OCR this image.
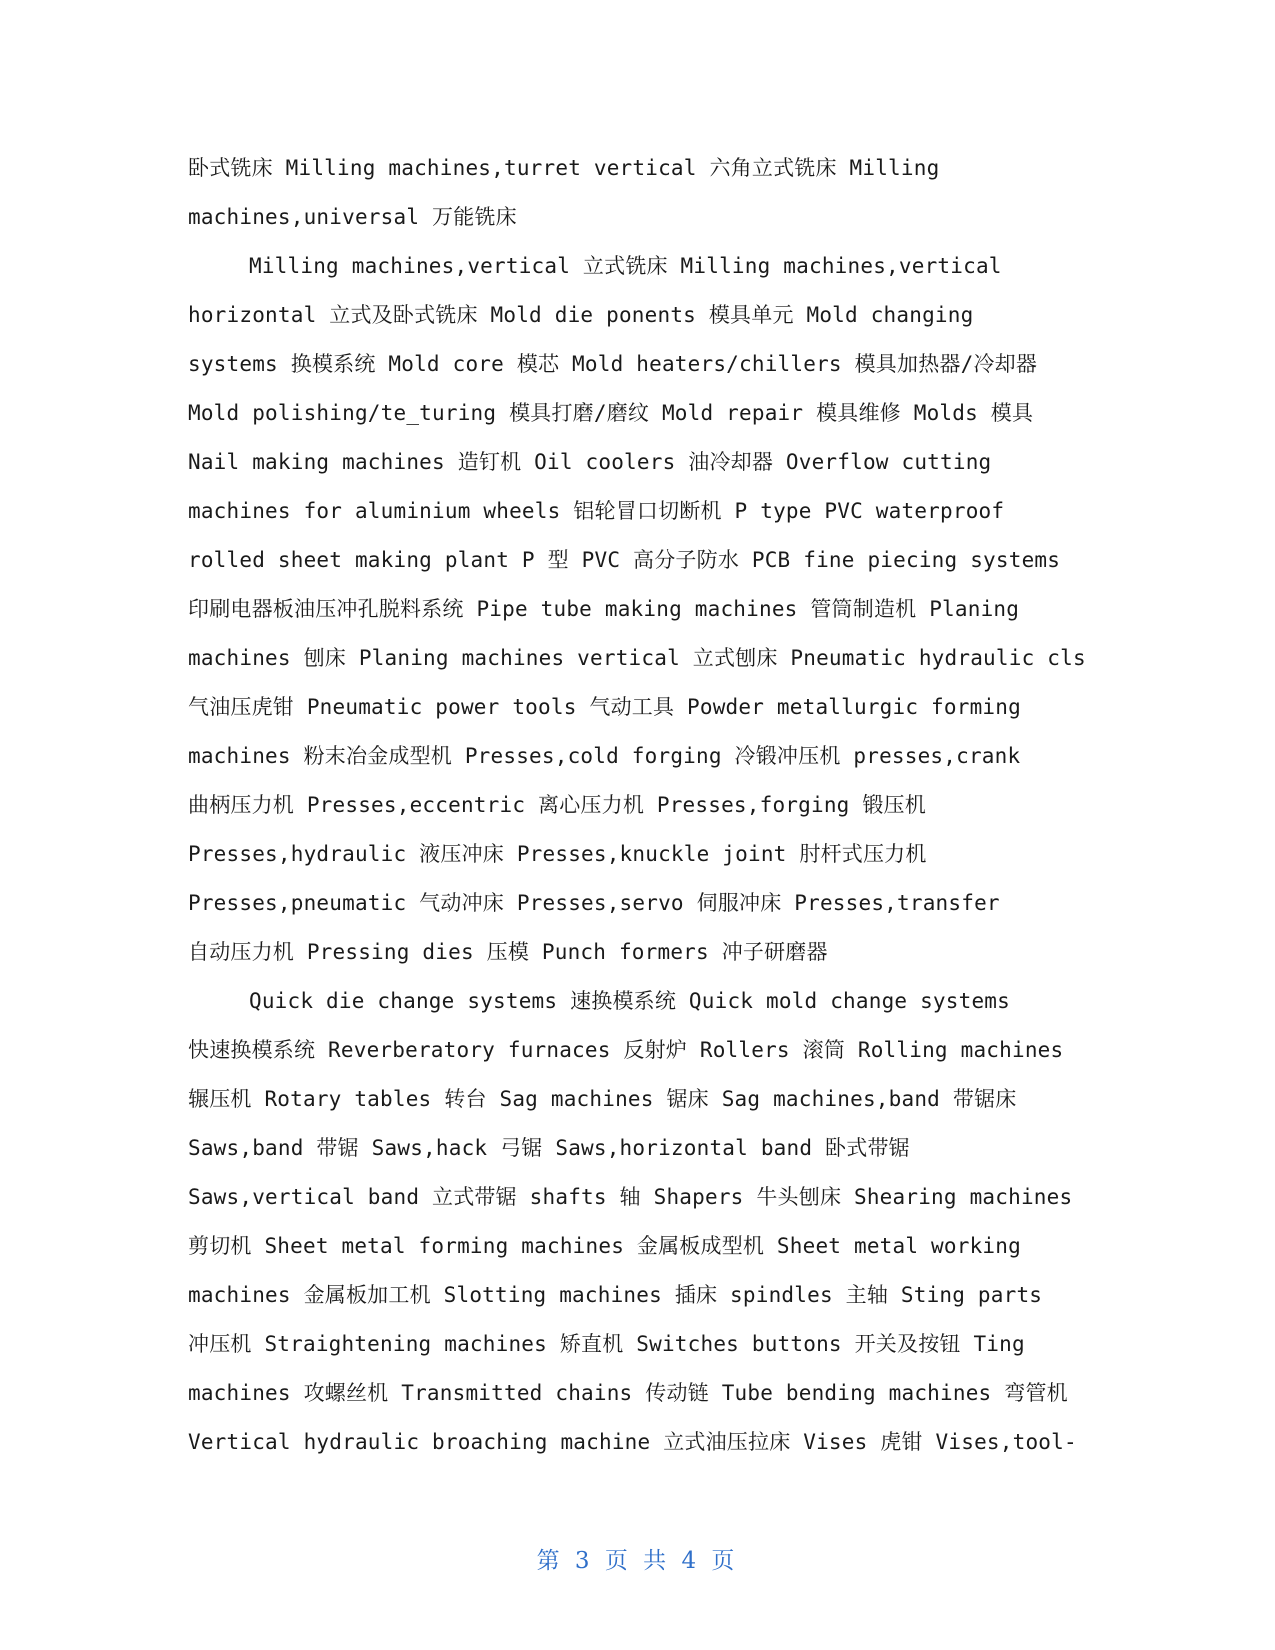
卧式铣床 Milling machines,turret vertical 六角立式铣床 Milling
machines,universal 万能铣床
Milling machines,vertical 立式铣床 Milling machines,vertical
horizontal 立式及卧式铣床 Mold die ponents 模具单元 Mold changing
systems 换模系统 Mold core 模芯 Mold heaters/chillers 模具加热器/冷却器
Mold polishing/te_turing 模具打磨/磨纹 Mold repair 模具维修 Molds 模具
Nail making machines 造钉机 Oil coolers 油冷却器 Overflow cutting
machines for aluminium wheels 铝轮冒口切断机 P type PVC waterproof
rolled sheet making plant P 型 PVC 高分子防水 PCB fine piecing systems
印刷电器板油压冲孔脱料系统 Pipe tube making machines 管筒制造机 Planing
machines 刨床 Planing machines vertical 立式刨床 Pneumatic hydraulic cls
气油压虎钳 Pneumatic power tools 气动工具 Powder metallurgic forming
machines 粉末冶金成型机 Presses,cold forging 冷锻冲压机 presses,crank
曲柄压力机 Presses,eccentric 离心压力机 Presses,forging 锻压机
Presses,hydraulic 液压冲床 Presses,knuckle joint 肘杆式压力机
Presses,pneumatic 气动冲床 Presses,servo 伺服冲床 Presses,transfer
自动压力机 Pressing dies 压模 Punch formers 冲子研磨器
Quick die change systems 速换模系统 Quick mold change systems
快速换模系统 Reverberatory furnaces 反射炉 Rollers 滚筒 Rolling machines
辗压机 Rotary tables 转台 Sag machines 锯床 Sag machines,band 带锯床
Saws,band 带锯 Saws,hack 弓锯 Saws,horizontal band 卧式带锯
Saws,vertical band 立式带锯 shafts 轴 Shapers 牛头刨床 Shearing machines
剪切机 Sheet metal forming machines 金属板成型机 Sheet metal working
machines 金属板加工机 Slotting machines 插床 spindles 主轴 Sting parts
冲压机 Straightening machines 矫直机 Switches buttons 开关及按钮 Ting
machines 攻螺丝机 Transmitted chains 传动链 Tube bending machines 弯管机
Vertical hydraulic broaching machine 立式油压拉床 Vises 虎钳 Vises,tool-
第 3 页 共 4 页
